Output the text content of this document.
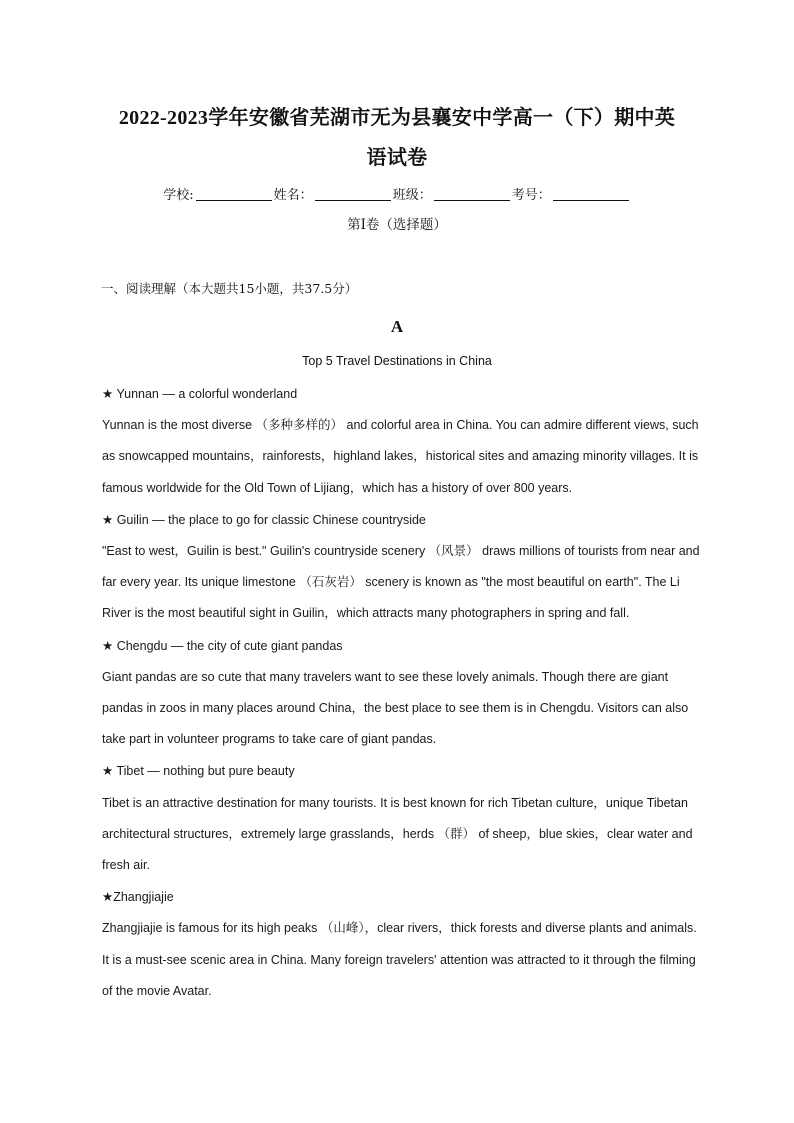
2022-2023学年安徽省芜湖市无为县襄安中学高一（下）期中英
语试卷
学校:	姓名：	班级：	考号：
第Ⅰ卷（选择题）
一、阅读理解（本大题共15小题，共37.5分）
A
Top 5 Travel Destinations in China

★ Yunnan — a colorful wonderland

Yunnan is the most diverse （多种多样的） and colorful area in China. You can admire different views, such as snowcapped mountains，rainforests，highland lakes，historical sites and amazing minority villages. It is famous worldwide for the Old Town of Lijiang，which has a history of over 800 years.

★ Guilin — the place to go for classic Chinese countryside

"East to west，Guilin is best." Guilin's countryside scenery （风景） draws millions of tourists from near and far every year. Its unique limestone （石灰岩） scenery is known as "the most beautiful on earth". The Li River is the most beautiful sight in Guilin，which attracts many photographers in spring and fall.

★ Chengdu — the city of cute giant pandas

Giant pandas are so cute that many travelers want to see these lovely animals. Though there are giant pandas in zoos in many places around China，the best place to see them is in Chengdu. Visitors can also take part in volunteer programs to take care of giant pandas.

★ Tibet — nothing but pure beauty

Tibet is an attractive destination for many tourists. It is best known for rich Tibetan culture，unique Tibetan architectural structures，extremely large grasslands，herds （群） of sheep，blue skies，clear water and fresh air.

★Zhangjiajie

Zhangjiajie is famous for its high peaks （山峰），clear rivers，thick forests and diverse plants and animals. It is a must-see scenic area in China. Many foreign travelers' attention was attracted to it through the filming of the movie Avatar.
